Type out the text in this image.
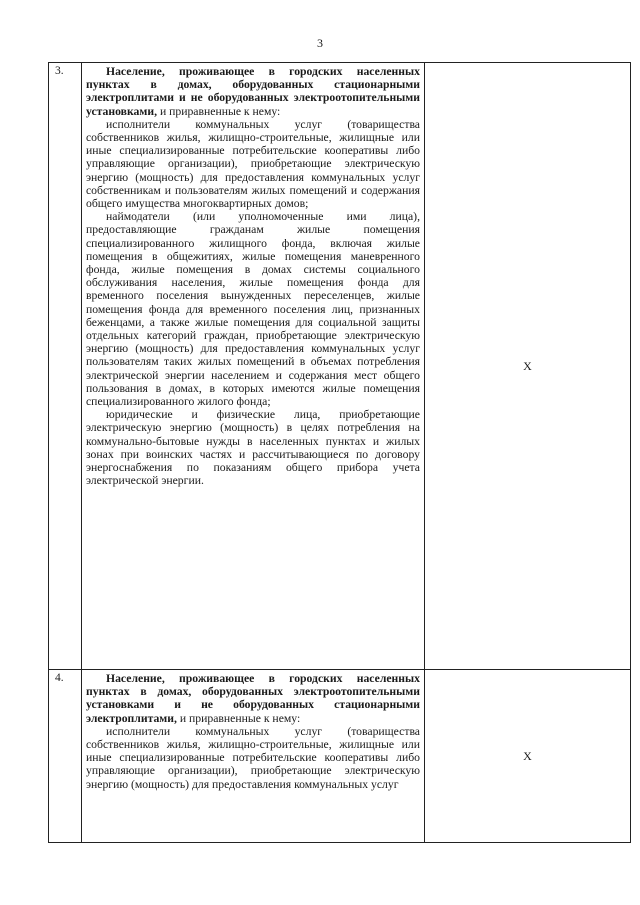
3
3.	Население, проживающее в городских населенных пунктах в домах, оборудованных стационарными электроплитами и не оборудованных электроотопительными установками, и приравненные к нему:

исполнители коммунальных услуг (товарищества собственников жилья, жилищно-строительные, жилищные или иные специализированные потребительские кооперативы либо управляющие организации), приобретающие электрическую энергию (мощность) для предоставления коммунальных услуг собственникам и пользователям жилых помещений и содержания общего имущества многоквартирных домов;

наймодатели (или уполномоченные ими лица), предоставляющие гражданам жилые помещения специализированного жилищного фонда, включая жилые помещения в общежитиях, жилые помещения маневренного фонда, жилые помещения в домах системы социального обслуживания населения, жилые помещения фонда для временного поселения вынужденных переселенцев, жилые помещения фонда для временного поселения лиц, признанных беженцами, а также жилые помещения для социальной защиты отдельных категорий граждан, приобретающие электрическую энергию (мощность) для предоставления коммунальных услуг пользователям таких жилых помещений в объемах потребления электрической энергии населением и содержания мест общего пользования в домах, в которых имеются жилые помещения специализированного жилого фонда;

юридические и физические лица, приобретающие электрическую энергию (мощность) в целях потребления на коммунально-бытовые нужды в населенных пунктах и жилых зонах при воинских частях и рассчитывающиеся по договору энергоснабжения по показаниям общего прибора учета электрической энергии.	Х
4.	Население, проживающее в городских населенных пунктах в домах, оборудованных электроотопительными установками и не оборудованных стационарными электроплитами, и приравненные к нему:

исполнители коммунальных услуг (товарищества собственников жилья, жилищно-строительные, жилищные или иные специализированные потребительские кооперативы либо управляющие организации), приобретающие электрическую энергию (мощность) для предоставления коммунальных услуг	Х
